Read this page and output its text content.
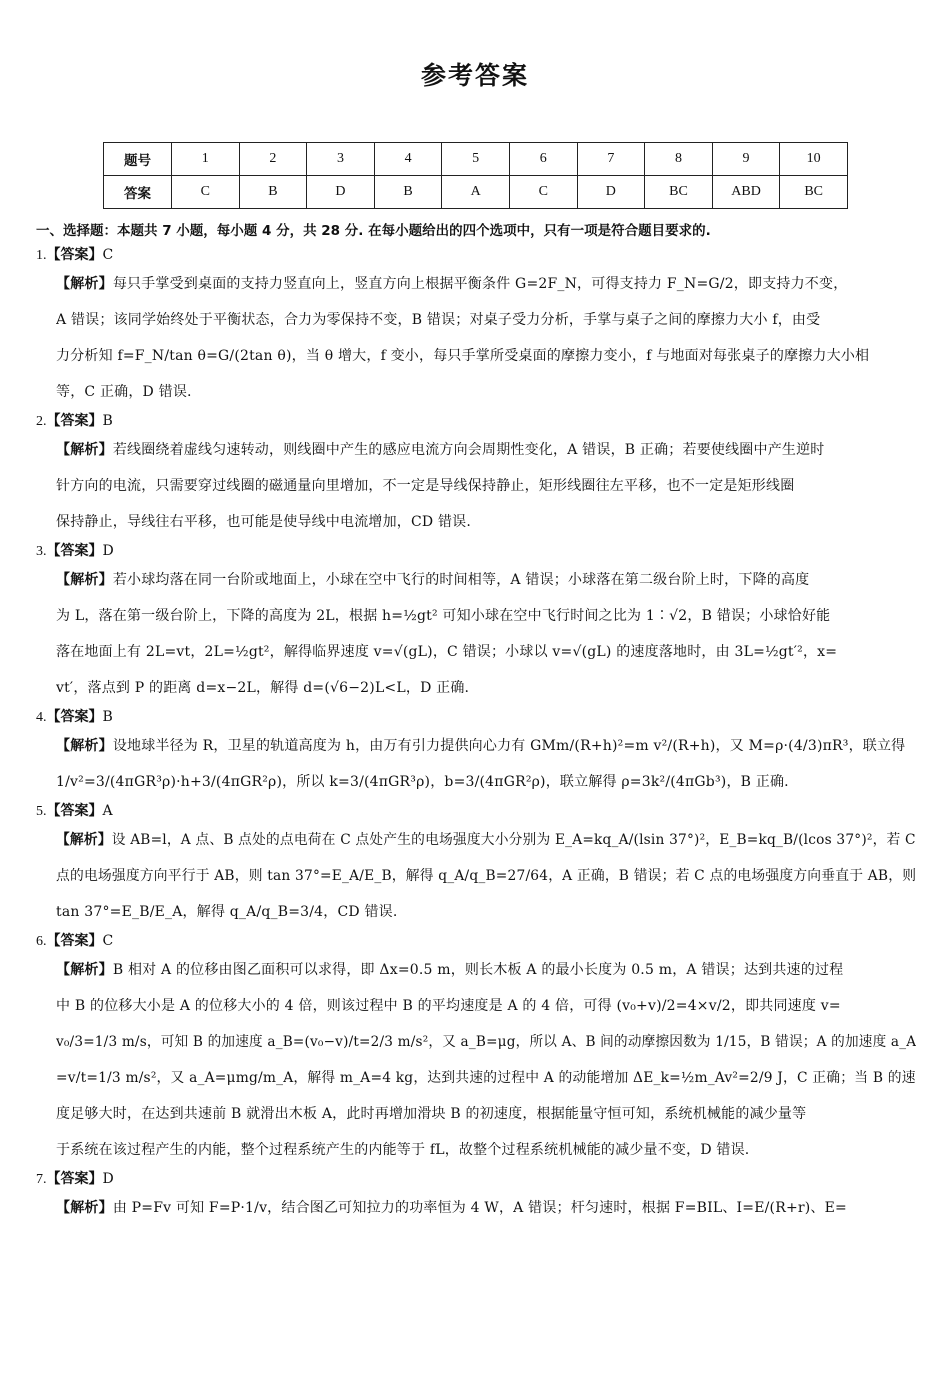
参考答案
题号	1	2	3	4	5	6	7	8	9	10
答案	C	B	D	B	A	C	D	BC	ABD	BC
一、选择题：本题共 7 小题，每小题 4 分，共 28 分. 在每小题给出的四个选项中，只有一项是符合题目要求的.
1.【答案】C
【解析】每只手掌受到桌面的支持力竖直向上，竖直方向上根据平衡条件 G=2F_N，可得支持力 F_N=G/2，即支持力不变，
A 错误；该同学始终处于平衡状态，合力为零保持不变，B 错误；对桌子受力分析，手掌与桌子之间的摩擦力大小 f，由受
力分析知 f=F_N/tan θ=G/(2tan θ)，当 θ 增大，f 变小，每只手掌所受桌面的摩擦力变小，f 与地面对每张桌子的摩擦力大小相
等，C 正确，D 错误.
2.【答案】B
【解析】若线圈绕着虚线匀速转动，则线圈中产生的感应电流方向会周期性变化，A 错误，B 正确；若要使线圈中产生逆时
针方向的电流，只需要穿过线圈的磁通量向里增加，不一定是导线保持静止，矩形线圈往左平移，也不一定是矩形线圈
保持静止，导线往右平移，也可能是使导线中电流增加，CD 错误.
3.【答案】D
【解析】若小球均落在同一台阶或地面上，小球在空中飞行的时间相等，A 错误；小球落在第二级台阶上时，下降的高度
为 L，落在第一级台阶上，下降的高度为 2L，根据 h=½gt² 可知小球在空中飞行时间之比为 1∶√2，B 错误；小球恰好能
落在地面上有 2L=vt，2L=½gt²，解得临界速度 v=√(gL)，C 错误；小球以 v=√(gL) 的速度落地时，由 3L=½gt′²，x=
vt′，落点到 P 的距离 d=x−2L，解得 d=(√6−2)L<L，D 正确.
4.【答案】B
【解析】设地球半径为 R，卫星的轨道高度为 h，由万有引力提供向心力有 GMm/(R+h)²=m v²/(R+h)，又 M=ρ·(4/3)πR³，联立得
1/v²=3/(4πGR³ρ)·h+3/(4πGR²ρ)，所以 k=3/(4πGR³ρ)，b=3/(4πGR²ρ)，联立解得 ρ=3k²/(4πGb³)，B 正确.
5.【答案】A
【解析】设 AB=l，A 点、B 点处的点电荷在 C 点处产生的电场强度大小分别为 E_A=kq_A/(lsin 37°)²，E_B=kq_B/(lcos 37°)²，若 C
点的电场强度方向平行于 AB，则 tan 37°=E_A/E_B，解得 q_A/q_B=27/64，A 正确，B 错误；若 C 点的电场强度方向垂直于 AB，则
tan 37°=E_B/E_A，解得 q_A/q_B=3/4，CD 错误.
6.【答案】C
【解析】B 相对 A 的位移由图乙面积可以求得，即 Δx=0.5 m，则长木板 A 的最小长度为 0.5 m，A 错误；达到共速的过程
中 B 的位移大小是 A 的位移大小的 4 倍，则该过程中 B 的平均速度是 A 的 4 倍，可得 (v₀+v)/2=4×v/2，即共同速度 v=
v₀/3=1/3 m/s，可知 B 的加速度 a_B=(v₀−v)/t=2/3 m/s²，又 a_B=μg，所以 A、B 间的动摩擦因数为 1/15，B 错误；A 的加速度 a_A
=v/t=1/3 m/s²，又 a_A=μmg/m_A，解得 m_A=4 kg，达到共速的过程中 A 的动能增加 ΔE_k=½m_Av²=2/9 J，C 正确；当 B 的速
度足够大时，在达到共速前 B 就滑出木板 A，此时再增加滑块 B 的初速度，根据能量守恒可知，系统机械能的减少量等
于系统在该过程产生的内能，整个过程系统产生的内能等于 fL，故整个过程系统机械能的减少量不变，D 错误.
7.【答案】D
【解析】由 P=Fv 可知 F=P·1/v，结合图乙可知拉力的功率恒为 4 W，A 错误；杆匀速时，根据 F=BIL、I=E/(R+r)、E=
